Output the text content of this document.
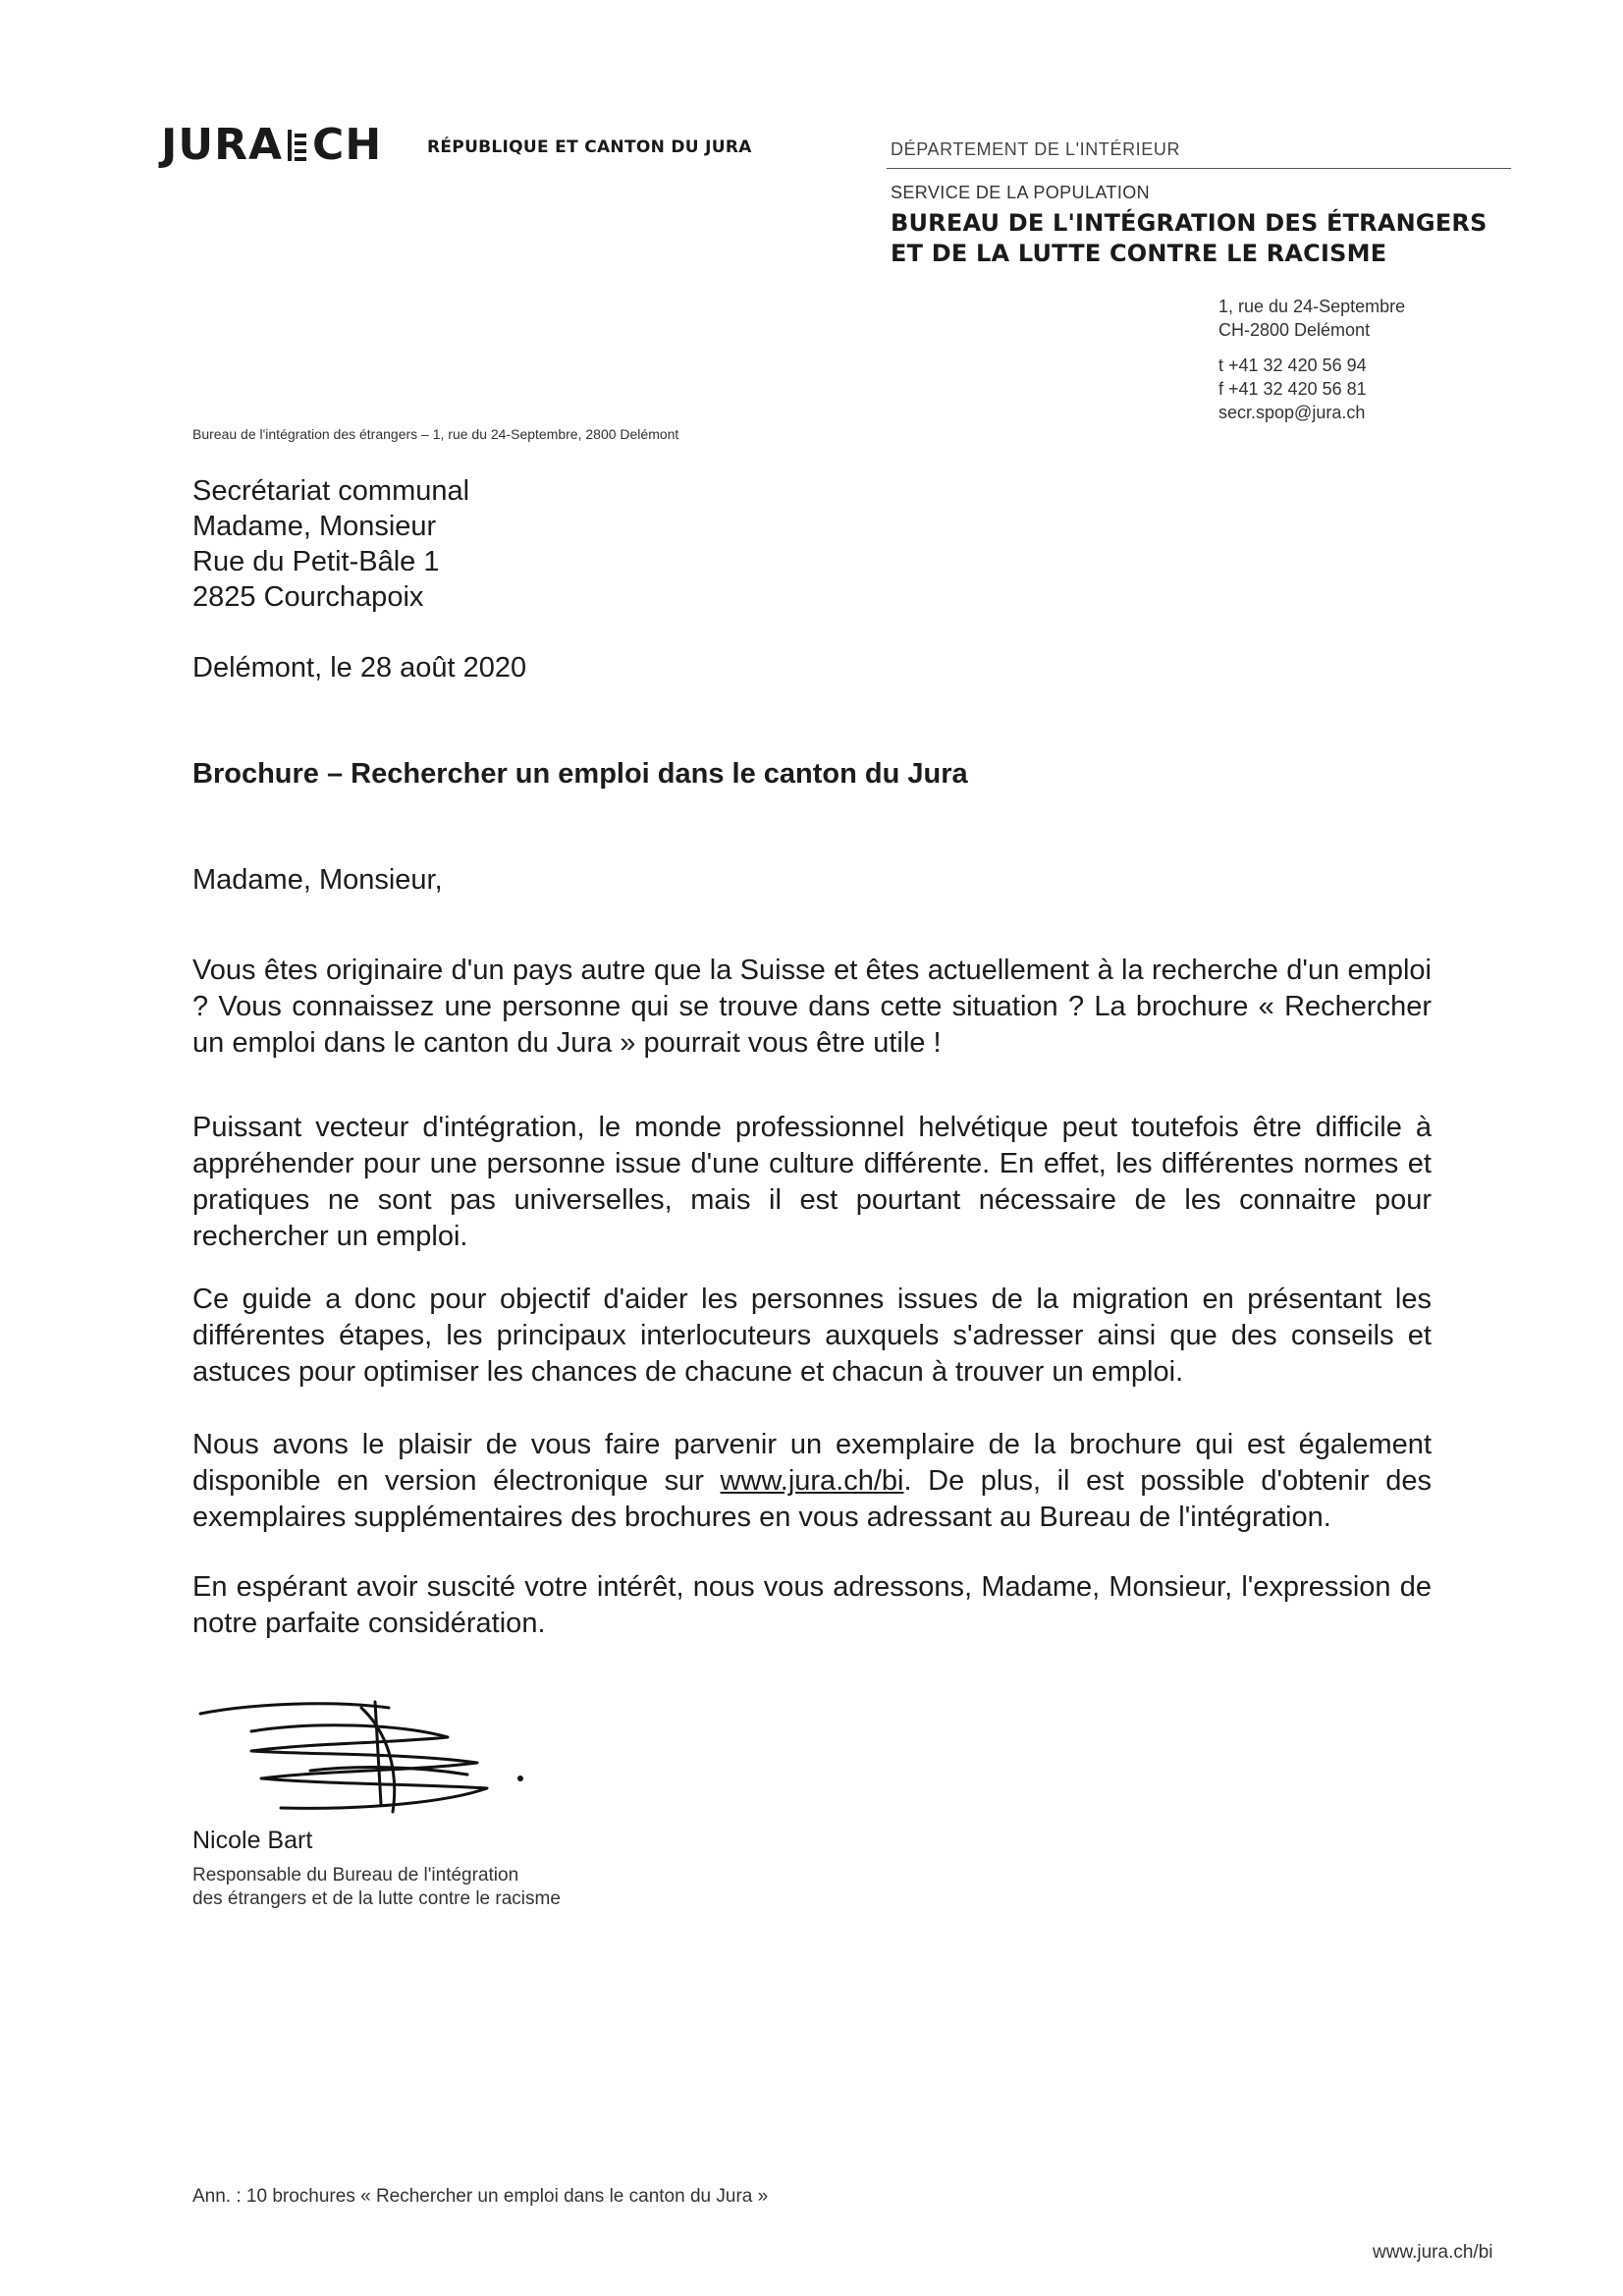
JURA CH	RÉPUBLIQUE ET CANTON DU JURA	DÉPARTEMENT DE L'INTÉRIEUR
SERVICE DE LA POPULATION
BUREAU DE L'INTÉGRATION DES ÉTRANGERS
ET DE LA LUTTE CONTRE LE RACISME
1, rue du 24-Septembre
CH-2800 Delémont
t +41 32 420 56 94
f +41 32 420 56 81
secr.spop@jura.ch
Bureau de l'intégration des étrangers – 1, rue du 24-Septembre, 2800 Delémont
Secrétariat communal
Madame, Monsieur
Rue du Petit-Bâle 1
2825 Courchapoix
Delémont, le 28 août 2020
Brochure – Rechercher un emploi dans le canton du Jura
Madame, Monsieur,
Vous êtes originaire d'un pays autre que la Suisse et êtes actuellement à la recherche d'un emploi ? Vous connaissez une personne qui se trouve dans cette situation ? La brochure « Rechercher un emploi dans le canton du Jura » pourrait vous être utile !
Puissant vecteur d'intégration, le monde professionnel helvétique peut toutefois être difficile à appréhender pour une personne issue d'une culture différente. En effet, les différentes normes et pratiques ne sont pas universelles, mais il est pourtant nécessaire de les connaitre pour rechercher un emploi.
Ce guide a donc pour objectif d'aider les personnes issues de la migration en présentant les différentes étapes, les principaux interlocuteurs auxquels s'adresser ainsi que des conseils et astuces pour optimiser les chances de chacune et chacun à trouver un emploi.
Nous avons le plaisir de vous faire parvenir un exemplaire de la brochure qui est également disponible en version électronique sur www.jura.ch/bi. De plus, il est possible d'obtenir des exemplaires supplémentaires des brochures en vous adressant au Bureau de l'intégration.
En espérant avoir suscité votre intérêt, nous vous adressons, Madame, Monsieur, l'expression de notre parfaite considération.
Nicole Bart
Responsable du Bureau de l'intégration
des étrangers et de la lutte contre le racisme
Ann. : 10 brochures « Rechercher un emploi dans le canton du Jura »
www.jura.ch/bi
